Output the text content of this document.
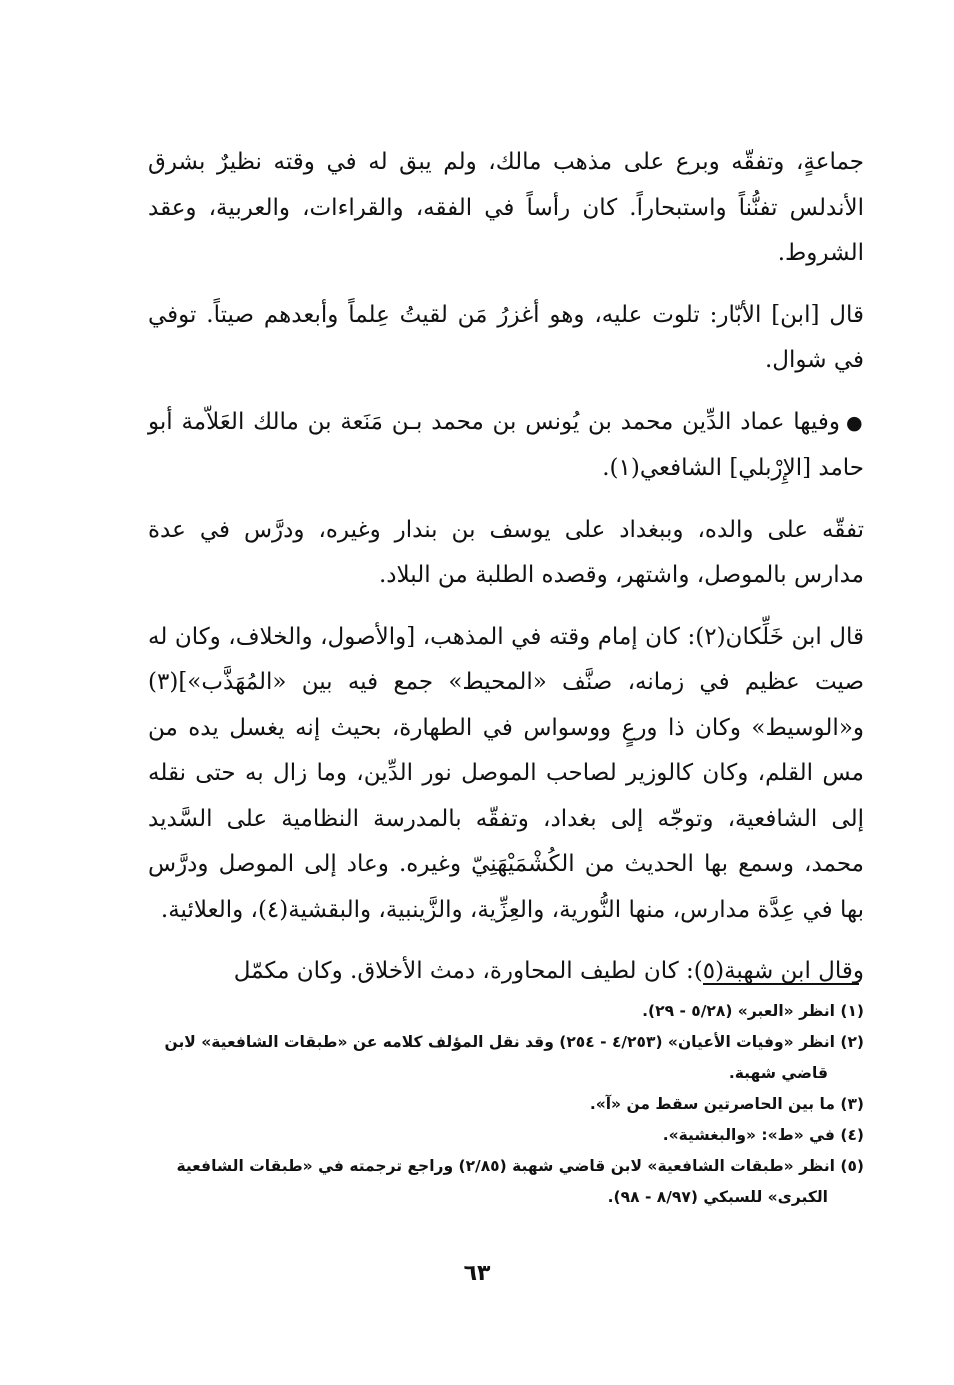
جماعةٍ، وتفقّه وبرع على مذهب مالك، ولم يبق له في وقته نظيرٌ بشرق الأندلس تفنُّناً واستبحاراً. كان رأساً في الفقه، والقراءات، والعربية، وعقد الشروط.

قال [ابن] الأبّار: تلوت عليه، وهو أغزرُ مَن لقيتُ عِلماً وأبعدهم صيتاً. توفي في شوال.

●وفيها عماد الدِّين محمد بن يُونس بن محمد بـن مَنَعة بن مالك العَلاّمة أبو حامد [الإِرْبلي] الشافعي(١).

تفقّه على والده، وببغداد على يوسف بن بندار وغيره، ودرَّس في عدة مدارس بالموصل، واشتهر، وقصده الطلبة من البلاد.

قال ابن خَلِّكان(٢): كان إمام وقته في المذهب، [والأصول، والخلاف، وكان له صيت عظيم في زمانه، صنَّف «المحيط» جمع فيه بين «المُهَذَّب»](٣) و«الوسيط» وكان ذا ورعٍ ووسواس في الطهارة، بحيث إنه يغسل يده من مس القلم، وكان كالوزير لصاحب الموصل نور الدِّين، وما زال به حتى نقله إلى الشافعية، وتوجّه إلى بغداد، وتفقّه بالمدرسة النظامية على السَّديد محمد، وسمع بها الحديث من الكُشْمَيْهَنِيّ وغيره. وعاد إلى الموصل ودرَّس بها في عِدَّة مدارس، منها النُّورية، والعِزِّية، والزَّينبية، والبقشية(٤)، والعلائية.

وقال ابن شهبة(٥): كان لطيف المحاورة، دمث الأخلاق. وكان مكمّل

(١) انظر «العبر» (٥/٢٨ - ٢٩).

(٢) انظر «وفيات الأعيان» (٤/٢٥٣ - ٢٥٤) وقد نقل المؤلف كلامه عن «طبقات الشافعية» لابن قاضي شهبة.

(٣) ما بين الحاصرتين سقط من «آ».

(٤) في «ط»: «والبغشية».

(٥) انظر «طبقات الشافعية» لابن قاضي شهبة (٢/٨٥) وراجع ترجمته في «طبقات الشافعية الكبرى» للسبكي (٨/٩٧ - ٩٨).

٦٣
